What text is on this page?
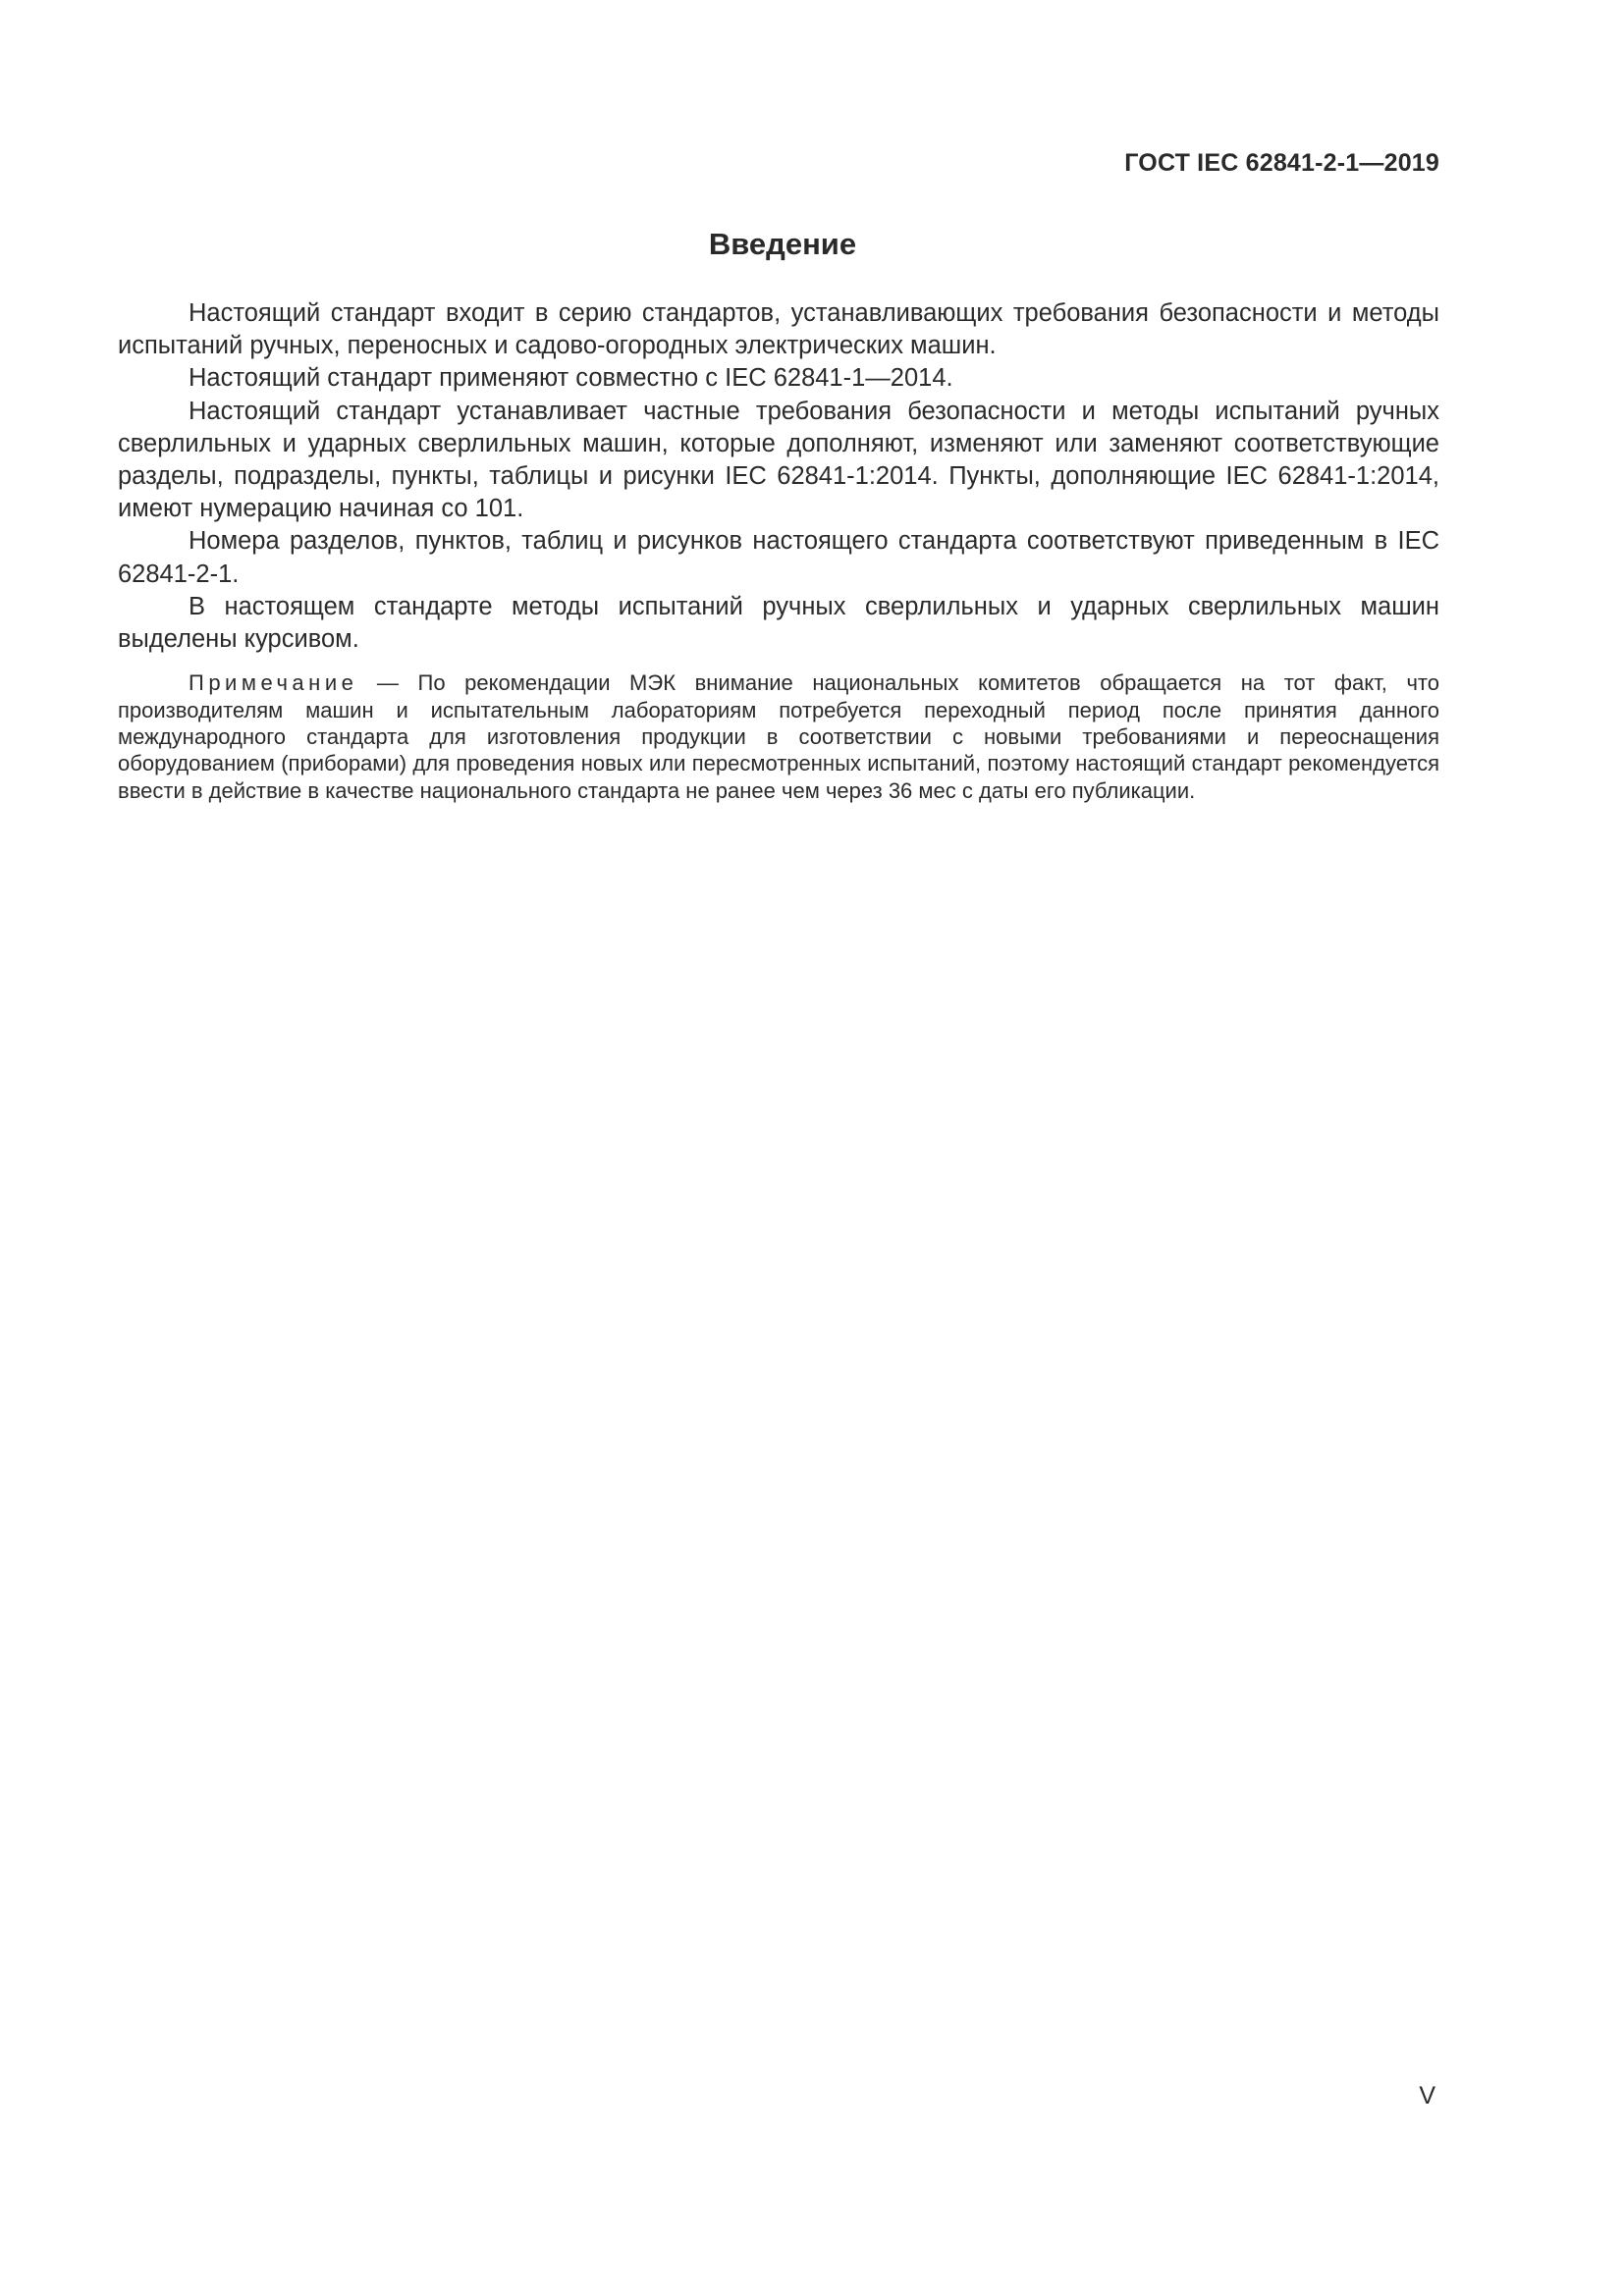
ГОСТ IEC 62841-2-1—2019
Введение

Настоящий стандарт входит в серию стандартов, устанавливающих требования безопасности и методы испытаний ручных, переносных и садово-огородных электрических машин.

Настоящий стандарт применяют совместно с IEC 62841-1—2014.

Настоящий стандарт устанавливает частные требования безопасности и методы испытаний ручных сверлильных и ударных сверлильных машин, которые дополняют, изменяют или заменяют соответствующие разделы, подразделы, пункты, таблицы и рисунки IEC 62841-1:2014. Пункты, дополняющие IEC 62841-1:2014, имеют нумерацию начиная со 101.

Номера разделов, пунктов, таблиц и рисунков настоящего стандарта соответствуют приведенным в IEC 62841-2-1.

В настоящем стандарте методы испытаний ручных сверлильных и ударных сверлильных машин выделены курсивом.

Примечание — По рекомендации МЭК внимание национальных комитетов обращается на тот факт, что производителям машин и испытательным лабораториям потребуется переходный период после принятия данного международного стандарта для изготовления продукции в соответствии с новыми требованиями и переоснащения оборудованием (приборами) для проведения новых или пересмотренных испытаний, поэтому настоящий стандарт рекомендуется ввести в действие в качестве национального стандарта не ранее чем через 36 мес с даты его публикации.

V
